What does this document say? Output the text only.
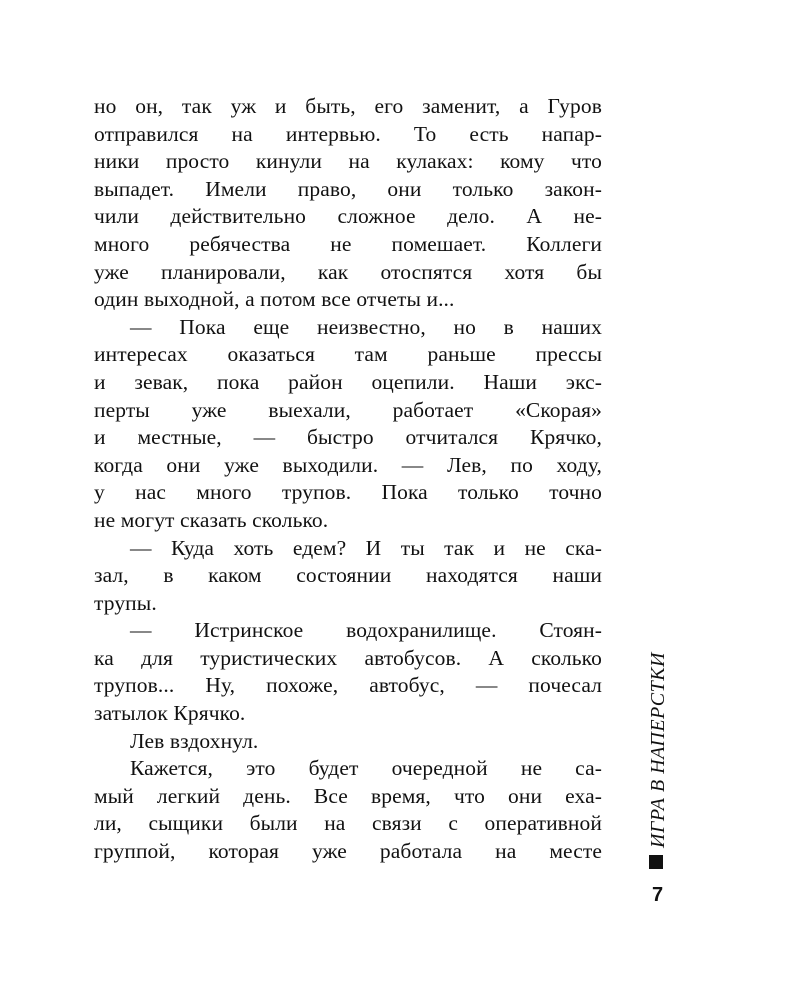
но он, так уж и быть, его заменит, а Гуров
отправился на интервью. То есть напар-
ники просто кинули на кулаках: кому что
выпадет. Имели право, они только закон-
чили действительно сложное дело. А не-
много ребячества не помешает. Коллеги
уже планировали, как отоспятся хотя бы
один выходной, а потом все отчеты и...
— Пока еще неизвестно, но в наших
интересах оказаться там раньше прессы
и зевак, пока район оцепили. Наши экс-
перты уже выехали, работает «Скорая»
и местные, — быстро отчитался Крячко,
когда они уже выходили. — Лев, по ходу,
у нас много трупов. Пока только точно
не могут сказать сколько.
— Куда хоть едем? И ты так и не ска-
зал, в каком состоянии находятся наши
трупы.
— Истринское водохранилище. Стоян-
ка для туристических автобусов. А сколько
трупов... Ну, похоже, автобус, — почесал
затылок Крячко.
Лев вздохнул.
Кажется, это будет очередной не са-
мый легкий день. Все время, что они еха-
ли, сыщики были на связи с оперативной
группой, которая уже работала на месте
ИГРА В НАПЕРСТКИ
7
